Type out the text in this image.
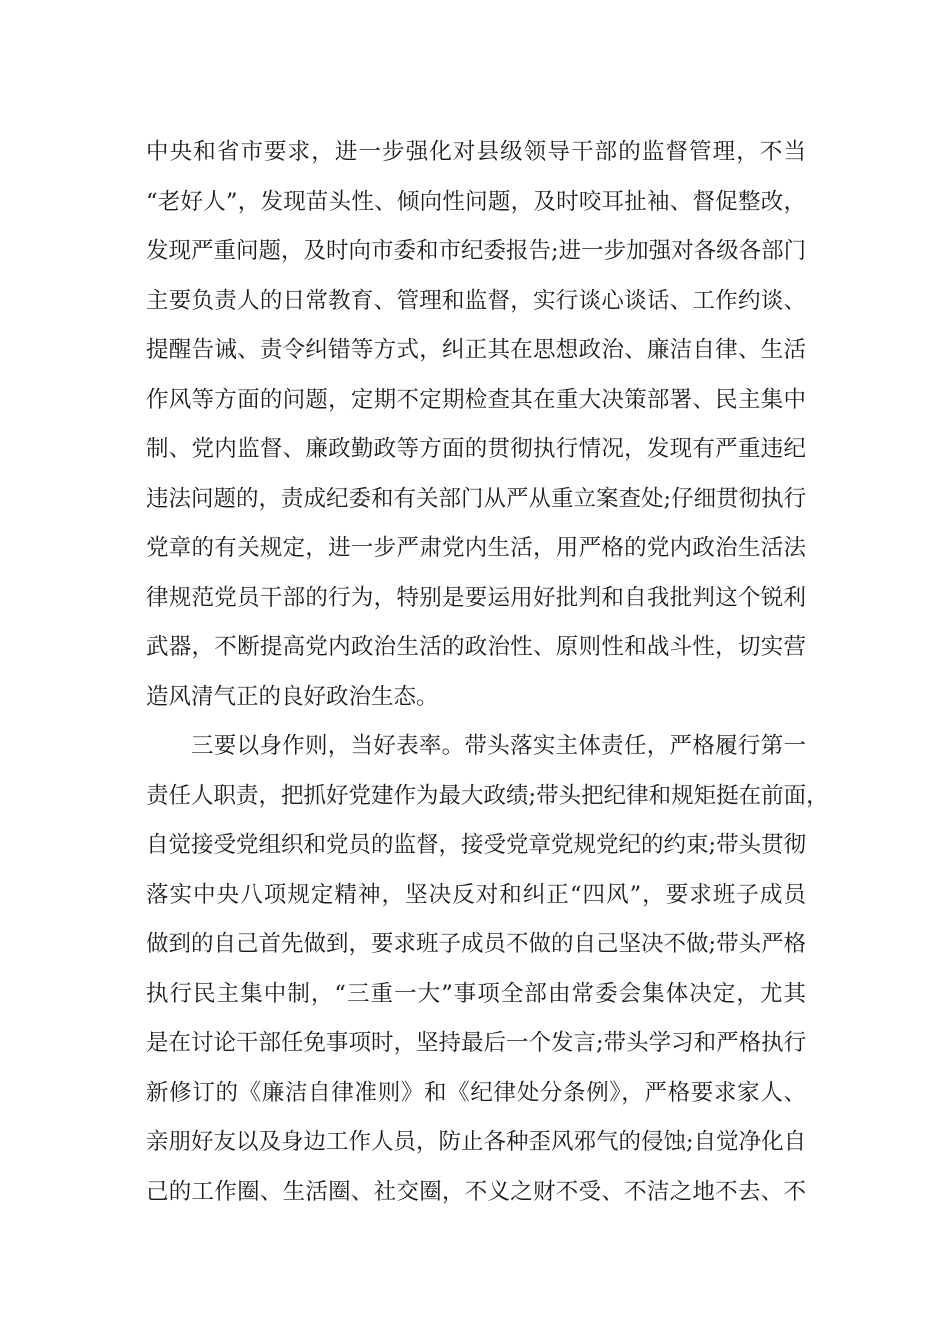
中央和省市要求，进一步强化对县级领导干部的监督管理，不当
“老好人”，发现苗头性、倾向性问题，及时咬耳扯袖、督促整改，
发现严重问题，及时向市委和市纪委报告;进一步加强对各级各部门
主要负责人的日常教育、管理和监督，实行谈心谈话、工作约谈、
提醒告诫、责令纠错等方式，纠正其在思想政治、廉洁自律、生活
作风等方面的问题，定期不定期检查其在重大决策部署、民主集中
制、党内监督、廉政勤政等方面的贯彻执行情况，发现有严重违纪
违法问题的，责成纪委和有关部门从严从重立案查处;仔细贯彻执行
党章的有关规定，进一步严肃党内生活，用严格的党内政治生活法
律规范党员干部的行为，特别是要运用好批判和自我批判这个锐利
武器，不断提高党内政治生活的政治性、原则性和战斗性，切实营
造风清气正的良好政治生态。
三要以身作则，当好表率。带头落实主体责任，严格履行第一
责任人职责，把抓好党建作为最大政绩;带头把纪律和规矩挺在前面，
自觉接受党组织和党员的监督，接受党章党规党纪的约束;带头贯彻
落实中央八项规定精神，坚决反对和纠正“四风”，要求班子成员
做到的自己首先做到，要求班子成员不做的自己坚决不做;带头严格
执行民主集中制，“三重一大”事项全部由常委会集体决定，尤其
是在讨论干部任免事项时，坚持最后一个发言;带头学习和严格执行
新修订的《廉洁自律准则》和《纪律处分条例》，严格要求家人、
亲朋好友以及身边工作人员，防止各种歪风邪气的侵蚀;自觉净化自
己的工作圈、生活圈、社交圈，不义之财不受、不洁之地不去、不
